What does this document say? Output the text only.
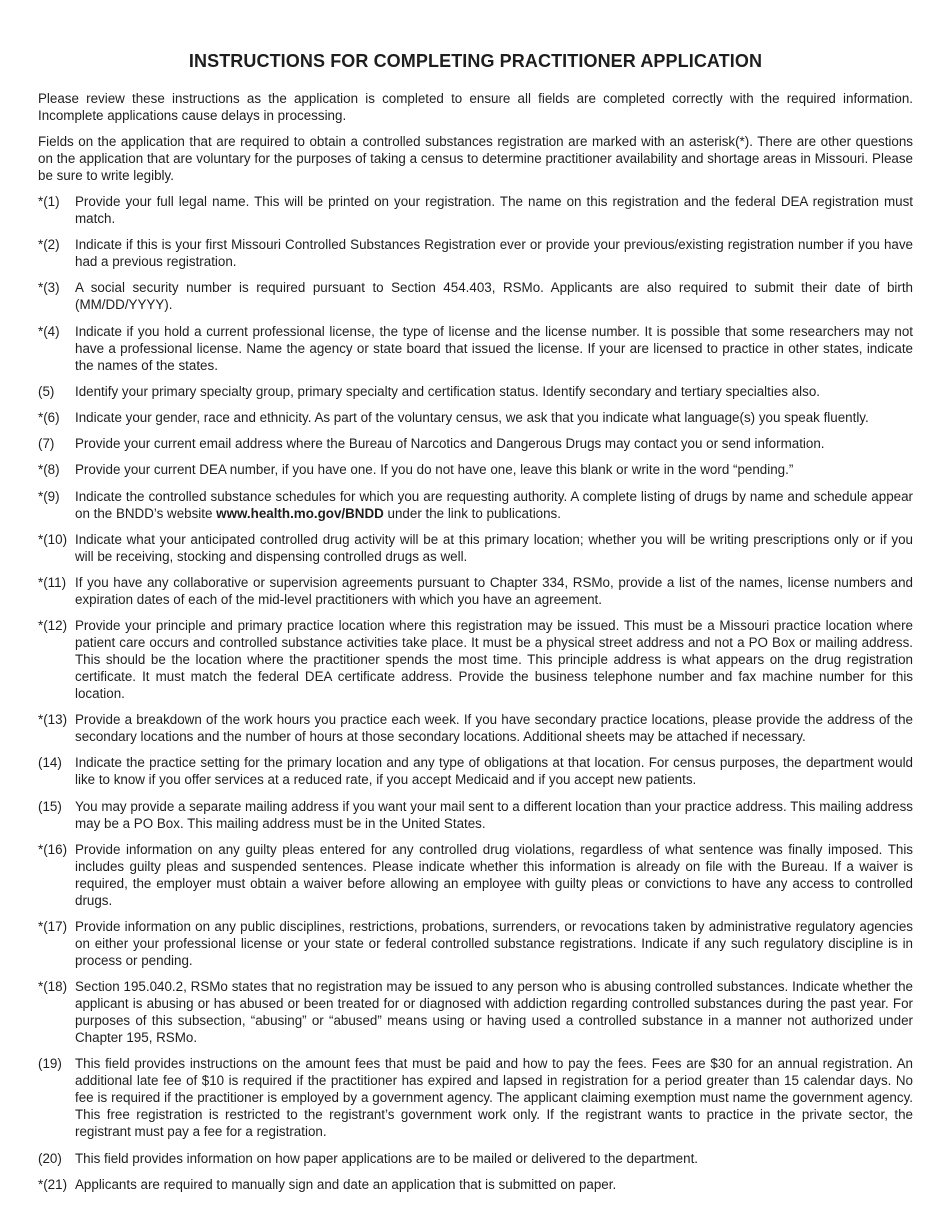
INSTRUCTIONS FOR COMPLETING PRACTITIONER APPLICATION

Please review these instructions as the application is completed to ensure all fields are completed correctly with the required information. Incomplete applications cause delays in processing.

Fields on the application that are required to obtain a controlled substances registration are marked with an asterisk(*). There are other questions on the application that are voluntary for the purposes of taking a census to determine practitioner availability and shortage areas in Missouri. Please be sure to write legibly.

*(1)	Provide your full legal name. This will be printed on your registration. The name on this registration and the federal DEA registration must match.
*(2)	Indicate if this is your first Missouri Controlled Substances Registration ever or provide your previous/existing registration number if you have had a previous registration.
*(3)	A social security number is required pursuant to Section 454.403, RSMo. Applicants are also required to submit their date of birth (MM/DD/YYYY).
*(4)	Indicate if you hold a current professional license, the type of license and the license number. It is possible that some researchers may not have a professional license. Name the agency or state board that issued the license. If your are licensed to practice in other states, indicate the names of the states.
(5)	Identify your primary specialty group, primary specialty and certification status. Identify secondary and tertiary specialties also.
*(6)	Indicate your gender, race and ethnicity. As part of the voluntary census, we ask that you indicate what language(s) you speak fluently.
(7)	Provide your current email address where the Bureau of Narcotics and Dangerous Drugs may contact you or send information.
*(8)	Provide your current DEA number, if you have one. If you do not have one, leave this blank or write in the word “pending.”
*(9)	Indicate the controlled substance schedules for which you are requesting authority. A complete listing of drugs by name and schedule appear on the BNDD’s website www.health.mo.gov/BNDD under the link to publications.
*(10) Indicate what your anticipated controlled drug activity will be at this primary location; whether you will be writing prescriptions only or if you will be receiving, stocking and dispensing controlled drugs as well.
*(11) If you have any collaborative or supervision agreements pursuant to Chapter 334, RSMo, provide a list of the names, license numbers and expiration dates of each of the mid-level practitioners with which you have an agreement.
*(12) Provide your principle and primary practice location where this registration may be issued. This must be a Missouri practice location where patient care occurs and controlled substance activities take place. It must be a physical street address and not a PO Box or mailing address. This should be the location where the practitioner spends the most time. This principle address is what appears on the drug registration certificate. It must match the federal DEA certificate address. Provide the business telephone number and fax machine number for this location.
*(13) Provide a breakdown of the work hours you practice each week. If you have secondary practice locations, please provide the address of the secondary locations and the number of hours at those secondary locations. Additional sheets may be attached if necessary.
(14) Indicate the practice setting for the primary location and any type of obligations at that location. For census purposes, the department would like to know if you offer services at a reduced rate, if you accept Medicaid and if you accept new patients.
(15) You may provide a separate mailing address if you want your mail sent to a different location than your practice address. This mailing address may be a PO Box. This mailing address must be in the United States.
*(16) Provide information on any guilty pleas entered for any controlled drug violations, regardless of what sentence was finally imposed. This includes guilty pleas and suspended sentences. Please indicate whether this information is already on file with the Bureau. If a waiver is required, the employer must obtain a waiver before allowing an employee with guilty pleas or convictions to have any access to controlled drugs.
*(17) Provide information on any public disciplines, restrictions, probations, surrenders, or revocations taken by administrative regulatory agencies on either your professional license or your state or federal controlled substance registrations. Indicate if any such regulatory discipline is in process or pending.
*(18) Section 195.040.2, RSMo states that no registration may be issued to any person who is abusing controlled substances. Indicate whether the applicant is abusing or has abused or been treated for or diagnosed with addiction regarding controlled substances during the past year. For purposes of this subsection, “abusing” or “abused” means using or having used a controlled substance in a manner not authorized under Chapter 195, RSMo.
(19) This field provides instructions on the amount fees that must be paid and how to pay the fees. Fees are $30 for an annual registration. An additional late fee of $10 is required if the practitioner has expired and lapsed in registration for a period greater than 15 calendar days. No fee is required if the practitioner is employed by a government agency. The applicant claiming exemption must name the government agency. This free registration is restricted to the registrant’s government work only. If the registrant wants to practice in the private sector, the registrant must pay a fee for a registration.
(20) This field provides information on how paper applications are to be mailed or delivered to the department.
*(21) Applicants are required to manually sign and date an application that is submitted on paper.
